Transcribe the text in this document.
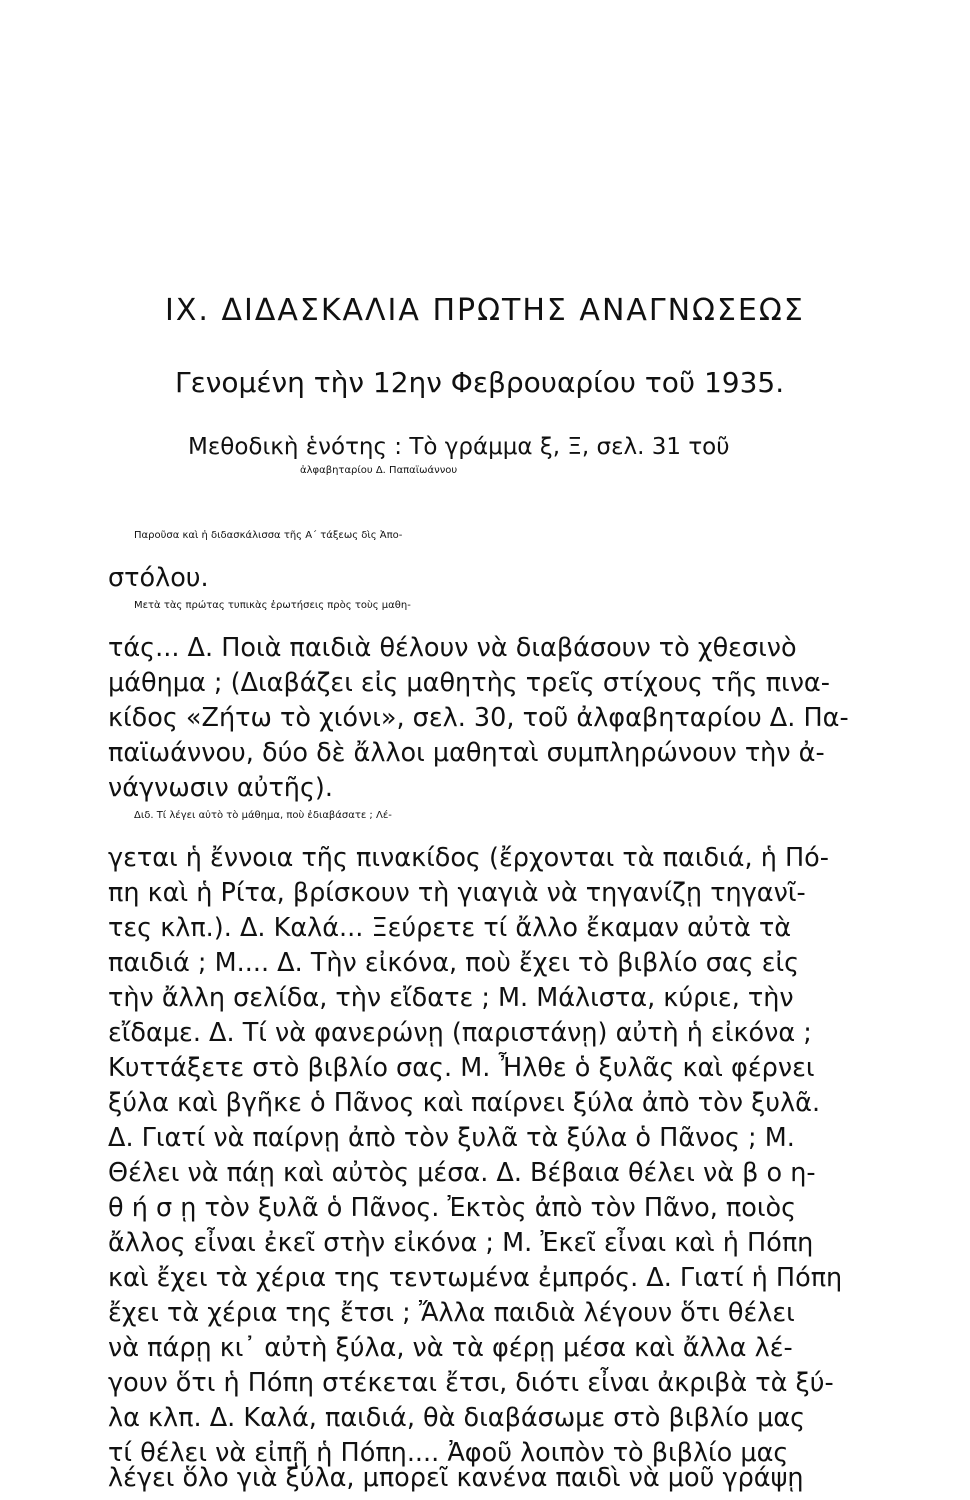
IX. ΔΙΔΑΣΚΑΛΙΑ ΠΡΩΤΗΣ ΑΝΑΓΝΩΣΕΩΣ

Γενομένη τὴν 12ην Φεβρουαρίου τοῦ 1935.

Μεθοδικὴ ἑνότης : Τὸ γράμμα ξ, Ξ, σελ. 31 τοῦ

ἀλφαβηταρίου Δ. Παπαϊωάννου

Παροῦσα καὶ ἡ διδασκάλισσα τῆς Α΄ τάξεως δὶς Ἀπο-

στόλου.

Μετὰ τὰς πρώτας τυπικὰς ἐρωτήσεις πρὸς τοὺς μαθη-

τάς... Δ. Ποιὰ παιδιὰ θέλουν νὰ διαβάσουν τὸ χθεσινὸ

μάθημα ; (Διαβάζει εἰς μαθητὴς τρεῖς στίχους τῆς πινα-

κίδος «Ζήτω τὸ χιόνι», σελ. 30, τοῦ ἀλφαβηταρίου Δ. Πα-

παϊωάννου, δύο δὲ ἄλλοι μαθηταὶ συμπληρώνουν τὴν ἀ-

νάγνωσιν αὐτῆς).

Διδ. Τί λέγει αὐτὸ τὸ μάθημα, ποὺ ἐδιαβάσατε ; Λέ-

γεται ἡ ἔννοια τῆς πινακίδος (ἔρχονται τὰ παιδιά, ἡ Πό-

πη καὶ ἡ Ρίτα, βρίσκουν τὴ γιαγιὰ νὰ τηγανίζῃ τηγανῖ-

τες κλπ.). Δ. Καλά... Ξεύρετε τί ἄλλο ἔκαμαν αὐτὰ τὰ

παιδιά ; Μ.... Δ. Τὴν εἰκόνα, ποὺ ἔχει τὸ βιβλίο σας εἰς

τὴν ἄλλη σελίδα, τὴν εἴδατε ; Μ. Μάλιστα, κύριε, τὴν

εἴδαμε. Δ. Τί νὰ φανερώνῃ (παριστάνῃ) αὐτὴ ἡ εἰκόνα ;

Κυττάξετε στὸ βιβλίο σας. Μ. Ἦλθε ὁ ξυλᾶς καὶ φέρνει

ξύλα καὶ βγῆκε ὁ Πᾶνος καὶ παίρνει ξύλα ἀπὸ τὸν ξυλᾶ.

Δ. Γιατί νὰ παίρνῃ ἀπὸ τὸν ξυλᾶ τὰ ξύλα ὁ Πᾶνος ; Μ.

Θέλει νὰ πάῃ καὶ αὐτὸς μέσα. Δ. Βέβαια θέλει νὰ β ο η-

θ ή σ ῃ τὸν ξυλᾶ ὁ Πᾶνος. Ἐκτὸς ἀπὸ τὸν Πᾶνο, ποιὸς

ἄλλος εἶναι ἐκεῖ στὴν εἰκόνα ; Μ. Ἐκεῖ εἶναι καὶ ἡ Πόπη

καὶ ἔχει τὰ χέρια της τεντωμένα ἐμπρός. Δ. Γιατί ἡ Πόπη

ἔχει τὰ χέρια της ἔτσι ; Ἄλλα παιδιὰ λέγουν ὅτι θέλει

νὰ πάρῃ κι᾿ αὐτὴ ξύλα, νὰ τὰ φέρῃ μέσα καὶ ἄλλα λέ-

γουν ὅτι ἡ Πόπη στέκεται ἔτσι, διότι εἶναι ἀκριβὰ τὰ ξύ-

λα κλπ. Δ. Καλά, παιδιά, θὰ διαβάσωμε στὸ βιβλίο μας

τί θέλει νὰ εἰπῇ ἡ Πόπη.... Ἀφοῦ λοιπὸν τὸ βιβλίο μας

λέγει ὅλο γιὰ ξύλα, μπορεῖ κανένα παιδὶ νὰ μοῦ γράψῃ
